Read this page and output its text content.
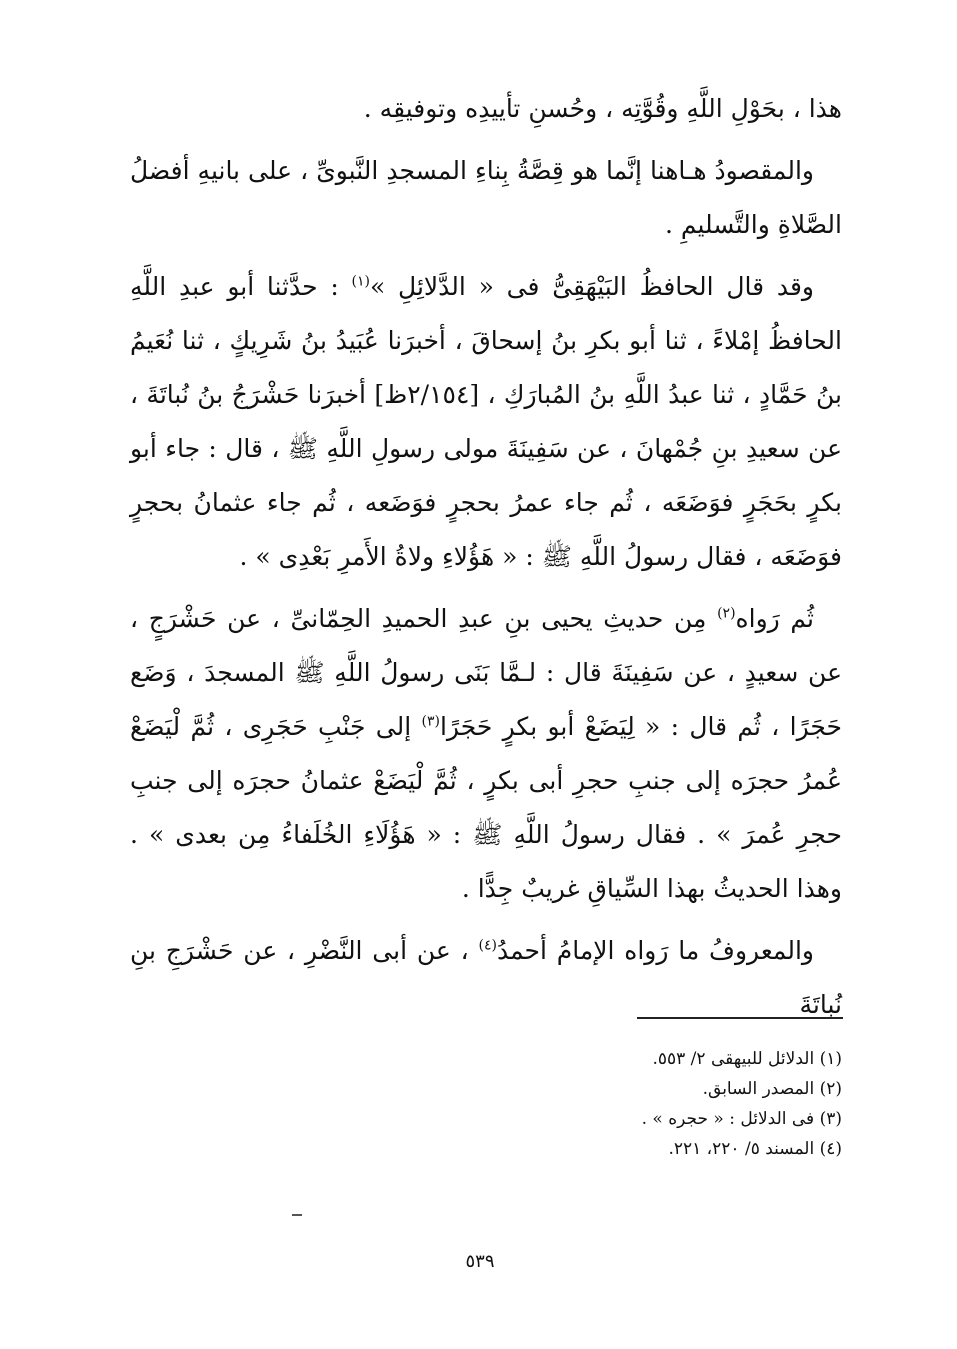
هذا ، بحَوْلِ اللَّهِ وقُوَّتِه ، وحُسنِ تأييدِه وتوفيقِه .

والمقصودُ هـاهنا إنَّما هو قِصَّةُ بِناءِ المسجدِ النَّبوىِّ ، على بانيهِ أفضلُ الصَّلاةِ والتَّسليمِ .

وقد قال الحافظُ البَيْهَقِىُّ فى « الدَّلائِلِ »$^{(١)}$ : حدَّثنا أبو عبدِ اللَّهِ الحافظُ إمْلاءً ، ثنا أبو بكرِ بنُ إسحاقَ ، أخبرَنا عُبَيدُ بنُ شَرِيكٍ ، ثنا نُعَيمُ بنُ حَمَّادٍ ، ثنا عبدُ اللَّهِ بنُ المُبارَكِ ، [٢/١٥٤ظ] أخبرَنا حَشْرَجُ بنُ نُباتَةَ ، عن سعيدِ بنِ جُمْهانَ ، عن سَفِينَةَ مولى رسولِ اللَّهِ ﷺ ، قال : جاء أبو بكرٍ بحَجَرٍ فوَضَعَه ، ثُم جاء عمرُ بحجرٍ فوَضَعه ، ثُم جاء عثمانُ بحجرٍ فوَضَعَه ، فقال رسولُ اللَّهِ ﷺ : « هَؤُلاءِ ولاةُ الأَمرِ بَعْدِى » .

ثُم رَواه$^{(٢)}$ مِن حديثِ يحيى بنِ عبدِ الحميدِ الحِمّانىِّ ، عن حَشْرَجٍ ، عن سعيدٍ ، عن سَفِينَةَ قال : لـمَّا بَنَى رسولُ اللَّهِ ﷺ المسجدَ ، وَضَع حَجَرًا ، ثُم قال : « لِيَضَعْ أبو بكرٍ حَجَرًا$^{(٣)}$ إلى جَنْبِ حَجَرِى ، ثُمَّ لْيَضَعْ عُمرُ حجرَه إلى جنبِ حجرِ أبى بكرٍ ، ثُمَّ لْيَضَعْ عثمانُ حجرَه إلى جنبِ حجرِ عُمرَ » . فقال رسولُ اللَّهِ ﷺ : « هَؤُلَاءِ الخُلَفاءُ مِن بعدى » . وهذا الحديثُ بهذا السِّياقِ غريبٌ جِدًّا .

والمعروفُ ما رَواه الإمامُ أحمدُ$^{(٤)}$ ، عن أبى النَّضْرِ ، عن حَشْرَجِ بنِ نُباتَةَ

(١) الدلائل للبيهقى ٢/ ٥٥٣.

(٢) المصدر السابق.

(٣) فى الدلائل : « حجره » .

(٤) المسند ٥/ ٢٢٠، ٢٢١.

٥٣٩
